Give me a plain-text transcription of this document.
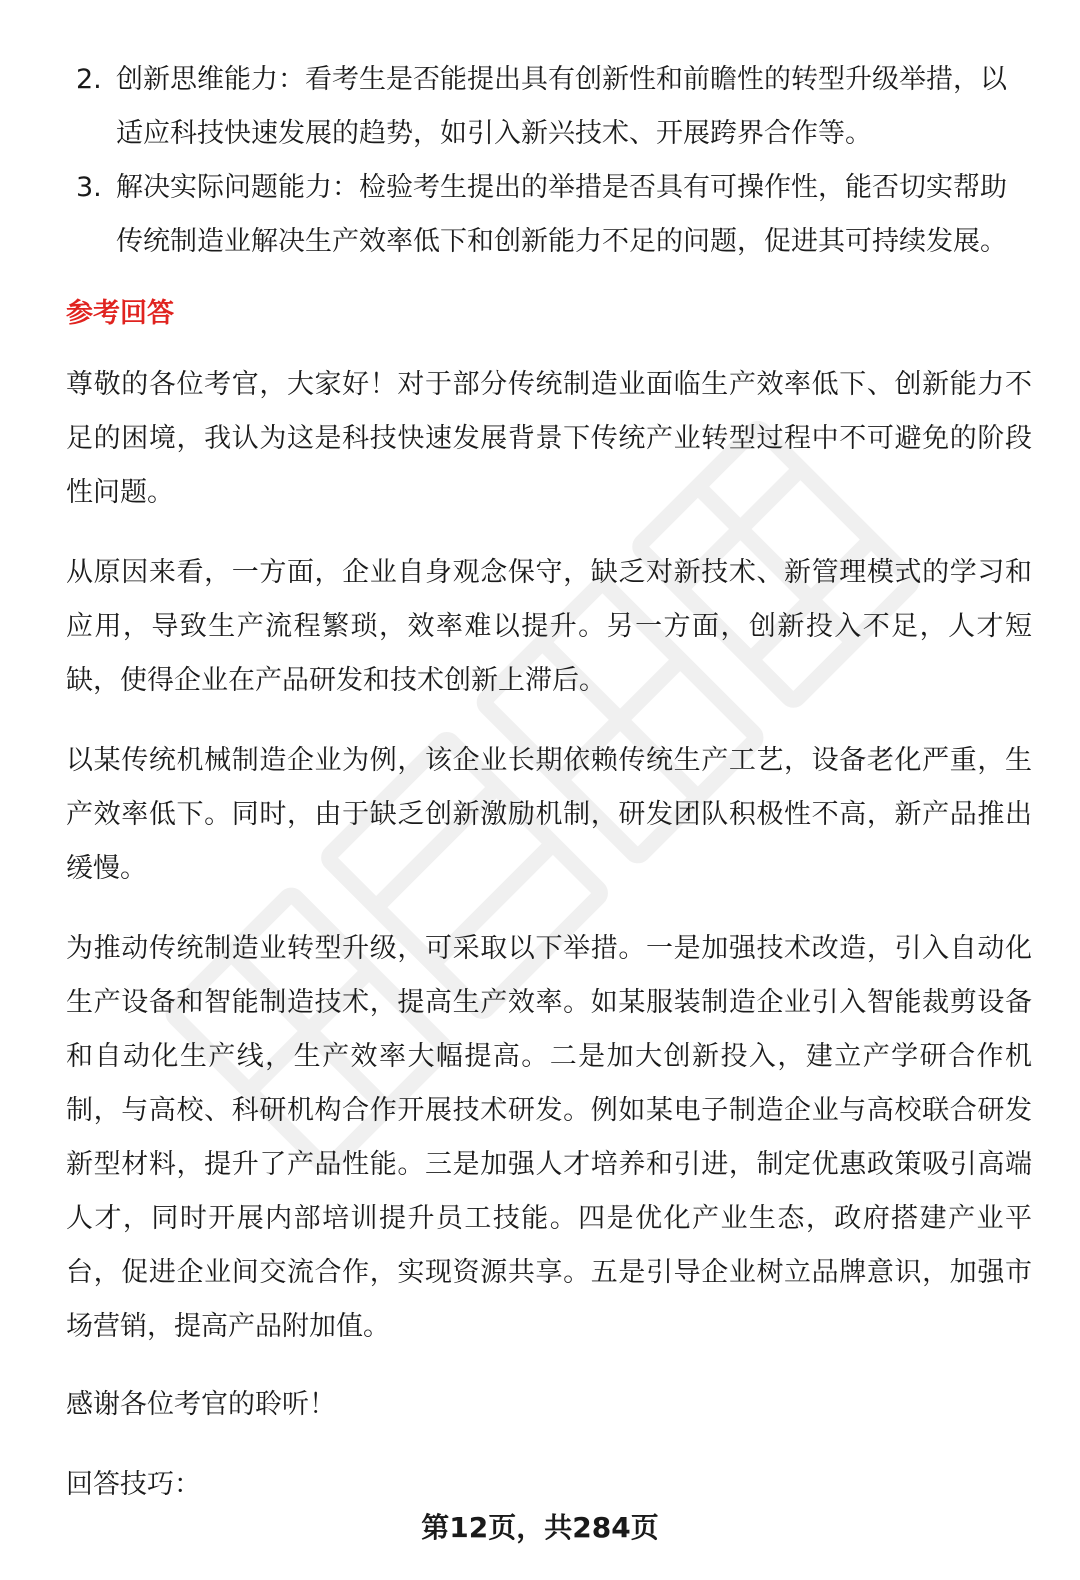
2. 创新思维能力：看考生是否能提出具有创新性和前瞻性的转型升级举措，以适应科技快速发展的趋势，如引入新兴技术、开展跨界合作等。
3. 解决实际问题能力：检验考生提出的举措是否具有可操作性，能否切实帮助传统制造业解决生产效率低下和创新能力不足的问题，促进其可持续发展。
参考回答

尊敬的各位考官，大家好！对于部分传统制造业面临生产效率低下、创新能力不足的困境，我认为这是科技快速发展背景下传统产业转型过程中不可避免的阶段性问题。

从原因来看，一方面，企业自身观念保守，缺乏对新技术、新管理模式的学习和应用，导致生产流程繁琐，效率难以提升。另一方面，创新投入不足，人才短缺，使得企业在产品研发和技术创新上滞后。

以某传统机械制造企业为例，该企业长期依赖传统生产工艺，设备老化严重，生产效率低下。同时，由于缺乏创新激励机制，研发团队积极性不高，新产品推出缓慢。

为推动传统制造业转型升级，可采取以下举措。一是加强技术改造，引入自动化生产设备和智能制造技术，提高生产效率。如某服装制造企业引入智能裁剪设备和自动化生产线，生产效率大幅提高。二是加大创新投入，建立产学研合作机制，与高校、科研机构合作开展技术研发。例如某电子制造企业与高校联合研发新型材料，提升了产品性能。三是加强人才培养和引进，制定优惠政策吸引高端人才，同时开展内部培训提升员工技能。四是优化产业生态，政府搭建产业平台，促进企业间交流合作，实现资源共享。五是引导企业树立品牌意识，加强市场营销，提高产品附加值。

感谢各位考官的聆听！

回答技巧：

第12页，共284页
